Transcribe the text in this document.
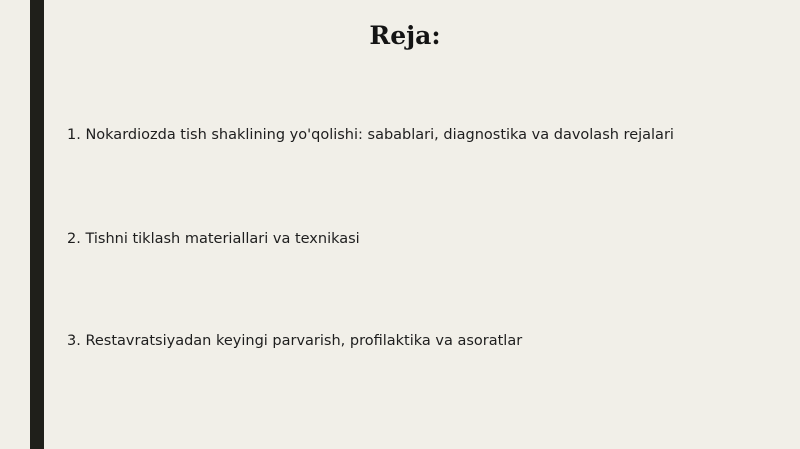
Reja:
1. Nokardiozda tish shaklining yo'qolishi: sabablari, diagnostika va davolash rejalari
2. Tishni tiklash materiallari va texnikasi
3. Restavratsiyadan keyingi parvarish, profilaktika va asoratlar
